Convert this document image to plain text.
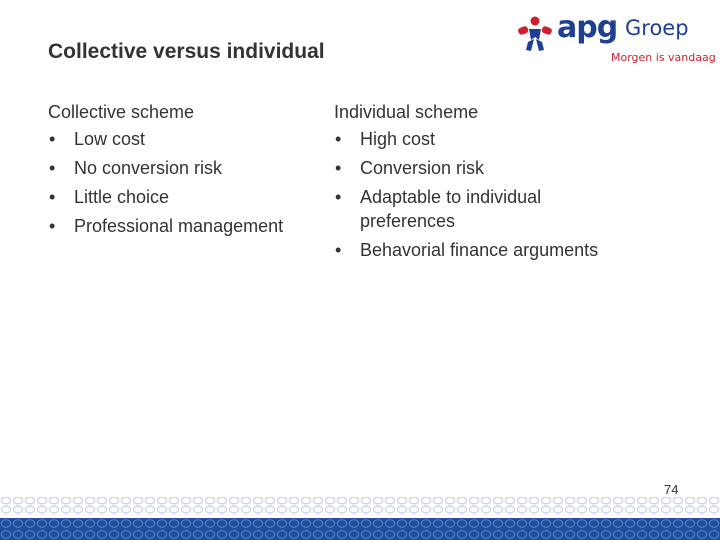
Collective versus individual
apg Groep
Morgen is vandaag
Collective scheme
• Low cost
• No conversion risk
• Little choice
• Professional management
Individual scheme
• High cost
• Conversion risk
• Adaptable to individual preferences
• Behavorial finance arguments
74
